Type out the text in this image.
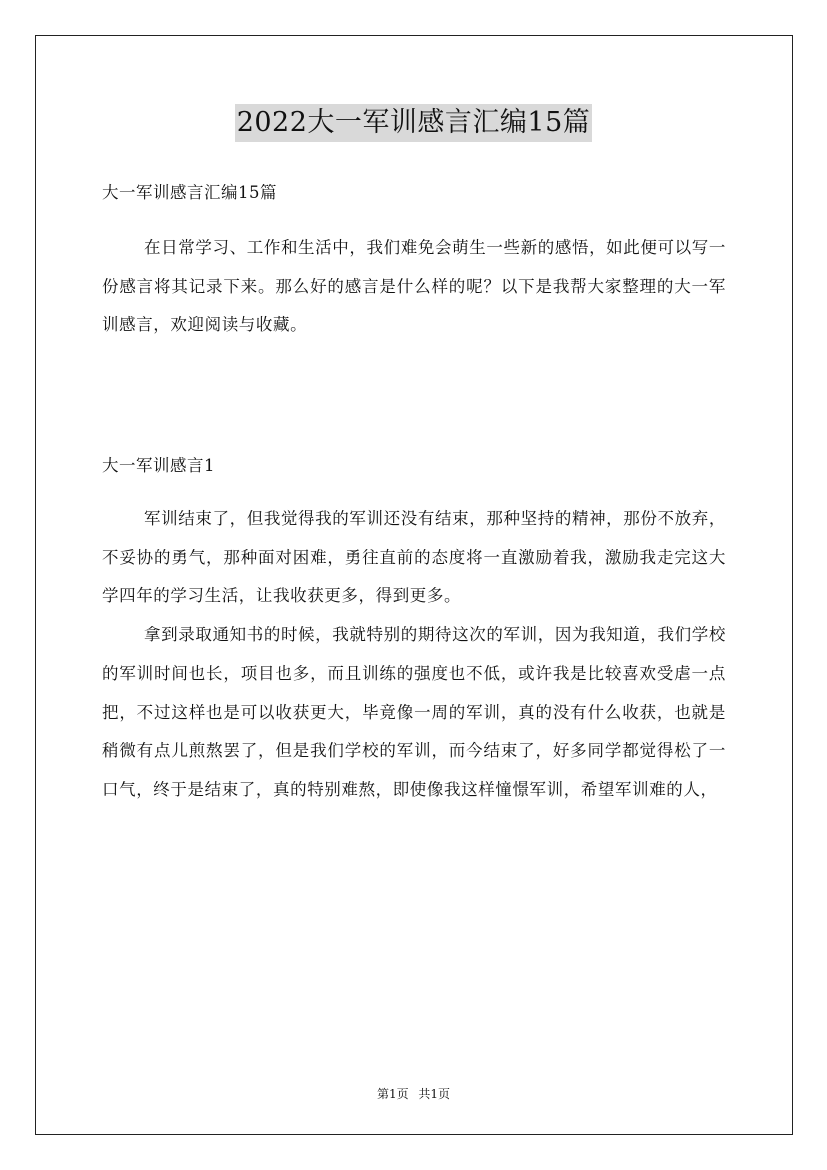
2022大一军训感言汇编15篇
大一军训感言汇编15篇

在日常学习、工作和生活中，我们难免会萌生一些新的感悟，如此便可以写一份感言将其记录下来。那么好的感言是什么样的呢？以下是我帮大家整理的大一军训感言，欢迎阅读与收藏。

大一军训感言1

军训结束了，但我觉得我的军训还没有结束，那种坚持的精神，那份不放弃，不妥协的勇气，那种面对困难，勇往直前的态度将一直激励着我，激励我走完这大学四年的学习生活，让我收获更多，得到更多。

拿到录取通知书的时候，我就特别的期待这次的军训，因为我知道，我们学校的军训时间也长，项目也多，而且训练的强度也不低，或许我是比较喜欢受虐一点把，不过这样也是可以收获更大，毕竟像一周的军训，真的没有什么收获，也就是稍微有点儿煎熬罢了，但是我们学校的军训，而今结束了，好多同学都觉得松了一口气，终于是结束了，真的特别难熬，即使像我这样憧憬军训，希望军训难的人，

第1页 共1页
